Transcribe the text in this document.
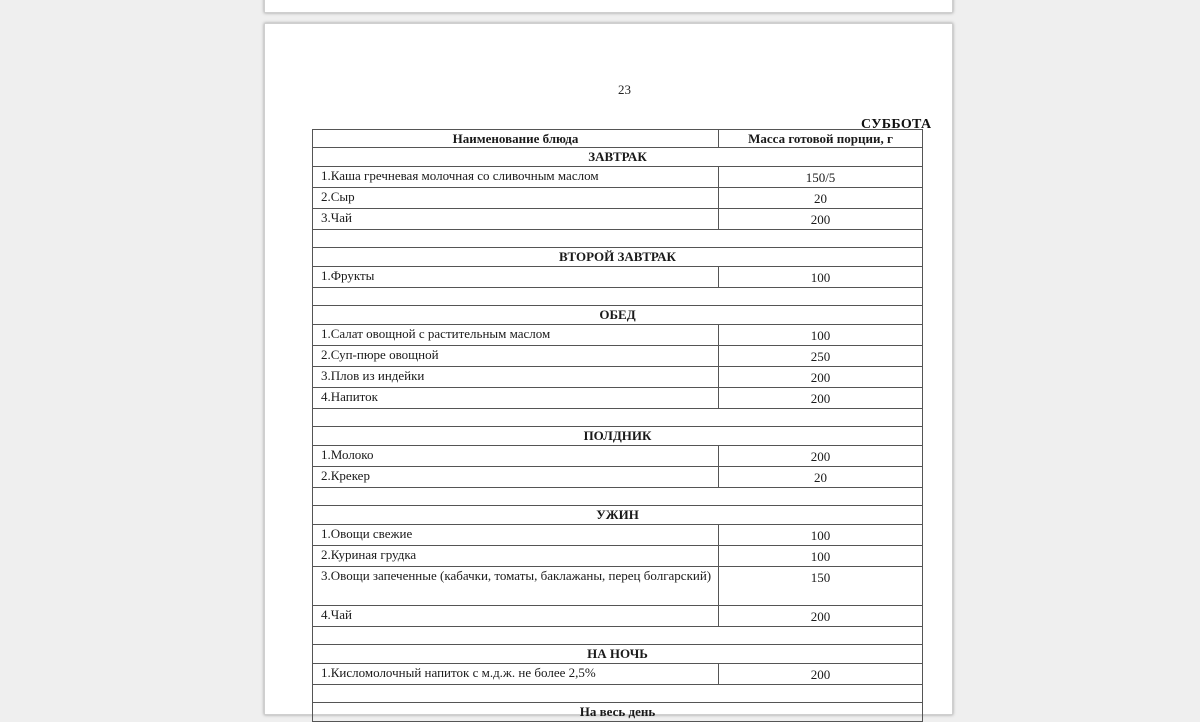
23
СУББОТА
Наименование блюда	Масса готовой порции, г
ЗАВТРАК	
1.Каша гречневая молочная со сливочным маслом	150/5
2.Сыр	20
3.Чай	200

ВТОРОЙ ЗАВТРАК	
1.Фрукты	100

ОБЕД	
1.Салат овощной с растительным маслом	100
2.Суп-пюре овощной	250
3.Плов из индейки	200
4.Напиток	200

ПОЛДНИК	
1.Молоко	200
2.Крекер	20

УЖИН	
1.Овощи свежие	100
2.Куриная грудка	100
3.Овощи запеченные (кабачки, томаты, баклажаны, перец болгарский)	150
4.Чай	200

НА НОЧЬ	
1.Кисломолочный напиток с м.д.ж. не более 2,5%	200

На весь день	
